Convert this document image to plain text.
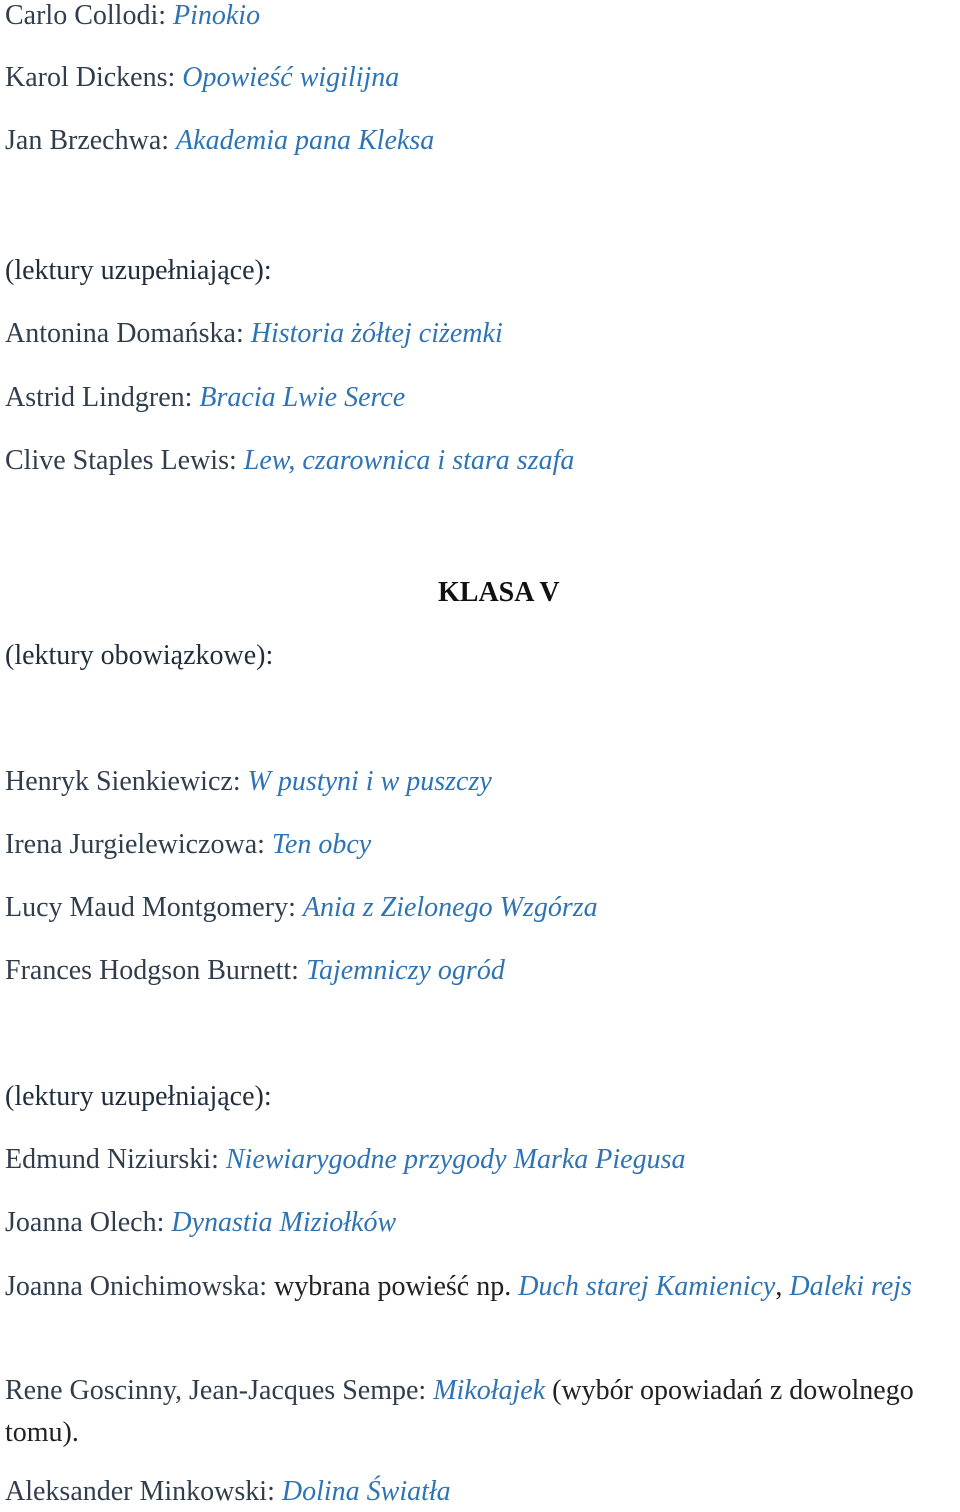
Carlo Collodi: Pinokio
Karol Dickens: Opowieść wigilijna
Jan Brzechwa: Akademia pana Kleksa
(lektury uzupełniające):
Antonina Domańska: Historia żółtej ciżemki
Astrid Lindgren: Bracia Lwie Serce
Clive Staples Lewis: Lew, czarownica i stara szafa
KLASA V
(lektury obowiązkowe):
Henryk Sienkiewicz: W pustyni i w puszczy
Irena Jurgielewiczowa: Ten obcy
Lucy Maud Montgomery: Ania z Zielonego Wzgórza
Frances Hodgson Burnett: Tajemniczy ogród
(lektury uzupełniające):
Edmund Niziurski: Niewiarygodne przygody Marka Piegusa
Joanna Olech: Dynastia Miziołków
Joanna Onichimowska: wybrana powieść np. Duch starej Kamienicy, Daleki rejs
Rene Goscinny, Jean-Jacques Sempe: Mikołajek (wybór opowiadań z dowolnego tomu).
Aleksander Minkowski: Dolina Światła
